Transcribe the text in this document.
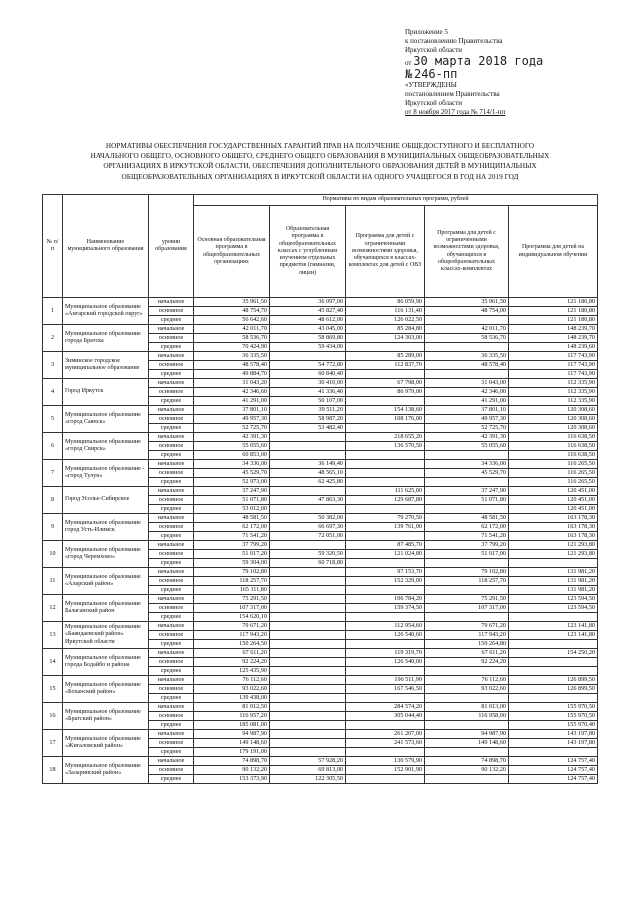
Приложение 5
к постановлению Правительства
Иркутской области
от 30 марта 2018 года
№ 246-пп
«УТВЕРЖДЕНЫ
постановлением Правительства
Иркутской области
от 8 ноября 2017 года № 714/1-пп
НОРМАТИВЫ ОБЕСПЕЧЕНИЯ ГОСУДАРСТВЕННЫХ ГАРАНТИЙ ПРАВ НА ПОЛУЧЕНИЕ ОБЩЕДОСТУПНОГО И БЕСПЛАТНОГО
НАЧАЛЬНОГО ОБЩЕГО, ОСНОВНОГО ОБЩЕГО, СРЕДНЕГО ОБЩЕГО ОБРАЗОВАНИЯ В МУНИЦИПАЛЬНЫХ ОБЩЕОБРАЗОВАТЕЛЬНЫХ
ОРГАНИЗАЦИЯХ В ИРКУТСКОЙ ОБЛАСТИ, ОБЕСПЕЧЕНИЯ ДОПОЛНИТЕЛЬНОГО ОБРАЗОВАНИЯ ДЕТЕЙ В МУНИЦИПАЛЬНЫХ
ОБЩЕОБРАЗОВАТЕЛЬНЫХ ОРГАНИЗАЦИЯХ В ИРКУТСКОЙ ОБЛАСТИ НА ОДНОГО УЧАЩЕГОСЯ В ГОД НА 2019 ГОД
№ п/п	Наименование муниципального образования	уровни образования	Нормативы по видам образовательных программ, рублей				
			Основная образовательная программа в общеобразовательных организациях	Образовательная программа в общеобразовательных классах с углубленным изучением отдельных предметов (гимназии, лицеи)	Программа для детей с ограниченными возможностями здоровья, обучающихся в классах-комплектах для детей с ОВЗ	Программа для детей с ограниченными возможностями здоровья, обучающихся в общеобразовательных классах-комплектах	Программа для детей на индивидуальном обучении
1	Муниципальное образование «Ангарский городской округ»	начальное	35 961,50	36 097,00	86 059,90	35 961,50	121 180,80
		основное	48 754,70	45 827,40	116 131,40	48 754,00	121 180,80
		среднее	56 642,60	48 612,00	126 022,50		121 180,80
2	Муниципальное образование города Братска	начальное	42 011,70	43 045,00	85 284,80	42 011,70	148 239,70
		основное	58 536,70	58 869,80	124 303,00	58 536,70	148 239,70
		среднее	70 424,90	59 434,00			148 239,60
3	Зиминское городское муниципальное образование	начальное	36 335,50		85 289,00	36 335,50	117 743,90
		основное	48 578,40	54 772,80	112 837,70	48 578,40	117 743,90
		среднее	49 884,70	60 840,40			117 743,90
4	Город Иркутск	начальное	31 043,20	30 410,00	67 798,00	31 043,00	112 335,90
		основное	42 346,60	41 336,40	86 979,00	42 346,00	112 335,90
		среднее	41 291,00	50 107,00		41 291,00	112 335,90
5	Муниципальное образование «город Саянск»	начальное	37 801,10	39 511,20	154 138,60	37 801,10	120 308,60
		основное	49 957,30	58 987,20	108 176,00	49 957,30	120 308,60
		среднее	52 725,70	53 482,40		52 725,70	120 308,60
6	Муниципальное образование «город Свирск»	начальное	42 391,30		218 655,20	42 391,30	116 638,50
		основное	55 055,60		136 570,50	55 055,60	116 638,50
		среднее	60 853,00				116 638,50
7	Муниципальное образование - «город Тулун»	начальное	34 336,00	36 149,40		34 336,00	116 265,50
		основное	45 529,70	48 565,10		45 529,70	116 265,50
		среднее	52 973,00	62 425,80			116 265,50
8	Город Усолье-Сибирское	начальное	37 247,90		111 625,00	37 247,90	120 451,00
		основное	51 071,80	47 863,30	129 687,80	51 071,80	120 451,00
		среднее	53 012,00				120 451,00
9	Муниципальное образование город Усть-Илимск	начальное	48 581,50	50 382,00	79 270,50	48 581,50	163 178,30
		основное	62 172,00	66 697,30	139 761,00	62 172,00	163 178,30
		среднее	71 541,20	72 051,00		71 541,20	163 178,30
10	Муниципальное образование «город Черемхово»	начальное	37 799,20		87 485,70	37 799,20	121 293,80
		основное	51 017,20	59 320,50	121 024,80	51 017,00	121 293,80
		среднее	59 304,00	60 718,80			
11	Муниципальное образование «Аларский район»	начальное	79 102,80		97 153,70	79 102,80	131 981,20
		основное	118 257,70		152 329,00	118 257,70	131 981,20
		среднее	165 111,80				131 981,20
12	Муниципальное образование Балаганский район	начальное	75 291,50		106 784,20	75 291,50	123 594,50
		основное	107 317,00		159 374,50	107 317,00	123 594,50
		среднее	154 620,10				
13	Муниципальное образование «Баяндаевский район» Иркутской области	начальное	79 671,20		112 954,60	79 671,20	123 141,80
		основное	117 943,20		126 540,60	117 943,20	123 141,80
		среднее	150 264,50			150 264,80	
14	Муниципальное образование города Бодайбо и района	начальное	67 611,20		119 319,70	67 611,20	154 250,20
		основное	92 224,20		126 540,00	92 224,20	
		среднее	125 435,90				
15	Муниципальное образование «Боханский район»	начальное	76 112,60		196 511,90	76 112,60	126 899,50
		основное	93 022,60		167 546,50	93 022,60	126 899,50
		среднее	139 438,00				
16	Муниципальное образование «Братский район»	начальное	81 012,50		284 574,20	81 013,00	155 970,50
		основное	116 957,20		305 044,40	116 958,00	155 970,50
		среднее	185 081,00				155 970,40
17	Муниципальное образование «Жигаловский район»	начальное	94 987,90		261 207,00	94 987,90	143 197,80
		основное	149 148,60		241 573,60	149 148,60	143 197,80
		среднее	179 191,00				
18	Муниципальное образование «Заларинский район»	начальное	74 898,70	57 928,20	130 579,90	74 898,70	124 757,40
		основное	90 132,20	69 813,00	152 901,90	90 132,20	124 757,40
		среднее	153 373,90	122 305,50			124 757,40
